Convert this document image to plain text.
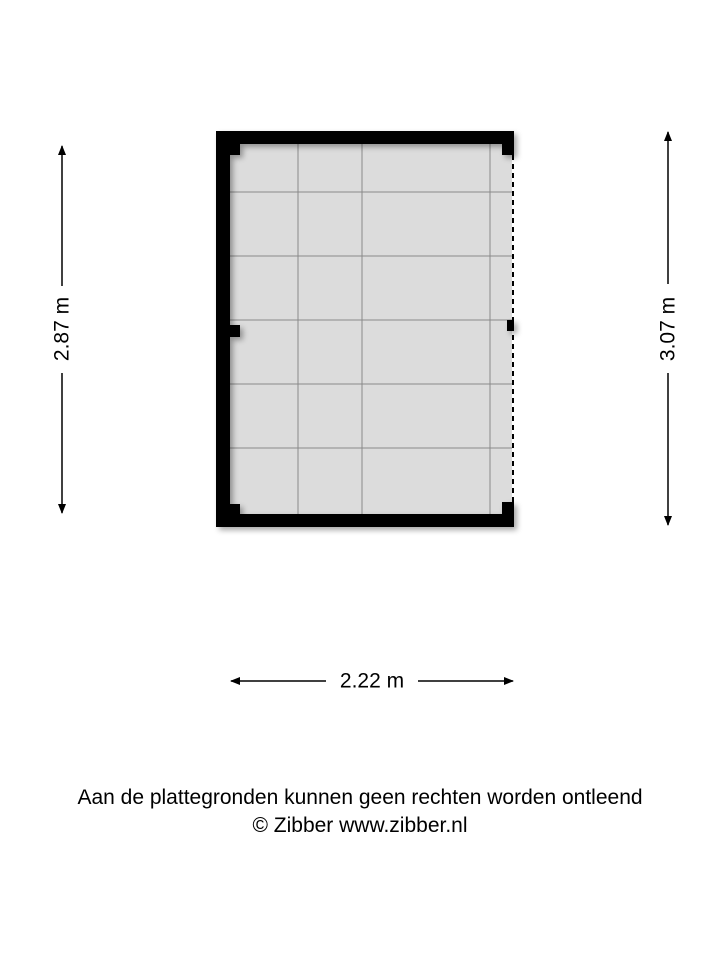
2.87 m	3.07 m
2.22 m
Aan de plattegronden kunnen geen rechten worden ontleend
© Zibber www.zibber.nl
